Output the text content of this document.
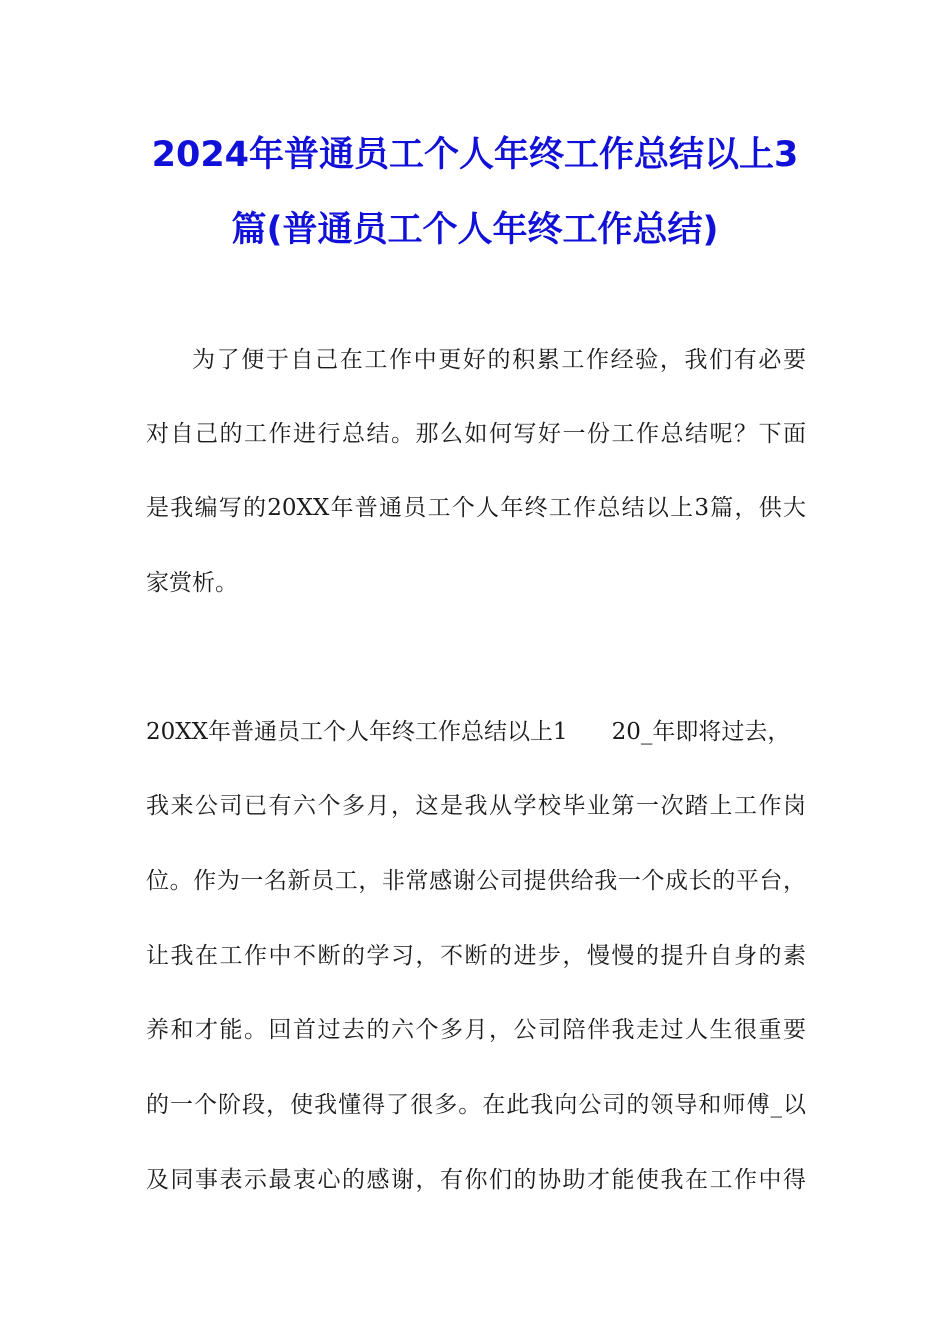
2024年普通员工个人年终工作总结以上3
篇(普通员工个人年终工作总结)
为了便于自己在工作中更好的积累工作经验，我们有必要
对自己的工作进行总结。那么如何写好一份工作总结呢？下面
是我编写的20XX年普通员工个人年终工作总结以上3篇，供大
家赏析。
20XX年普通员工个人年终工作总结以上1 20_年即将过去，
我来公司已有六个多月，这是我从学校毕业第一次踏上工作岗
位。作为一名新员工，非常感谢公司提供给我一个成长的平台，
让我在工作中不断的学习，不断的进步，慢慢的提升自身的素
养和才能。回首过去的六个多月，公司陪伴我走过人生很重要
的一个阶段，使我懂得了很多。在此我向公司的领导和师傅_以
及同事表示最衷心的感谢，有你们的协助才能使我在工作中得
